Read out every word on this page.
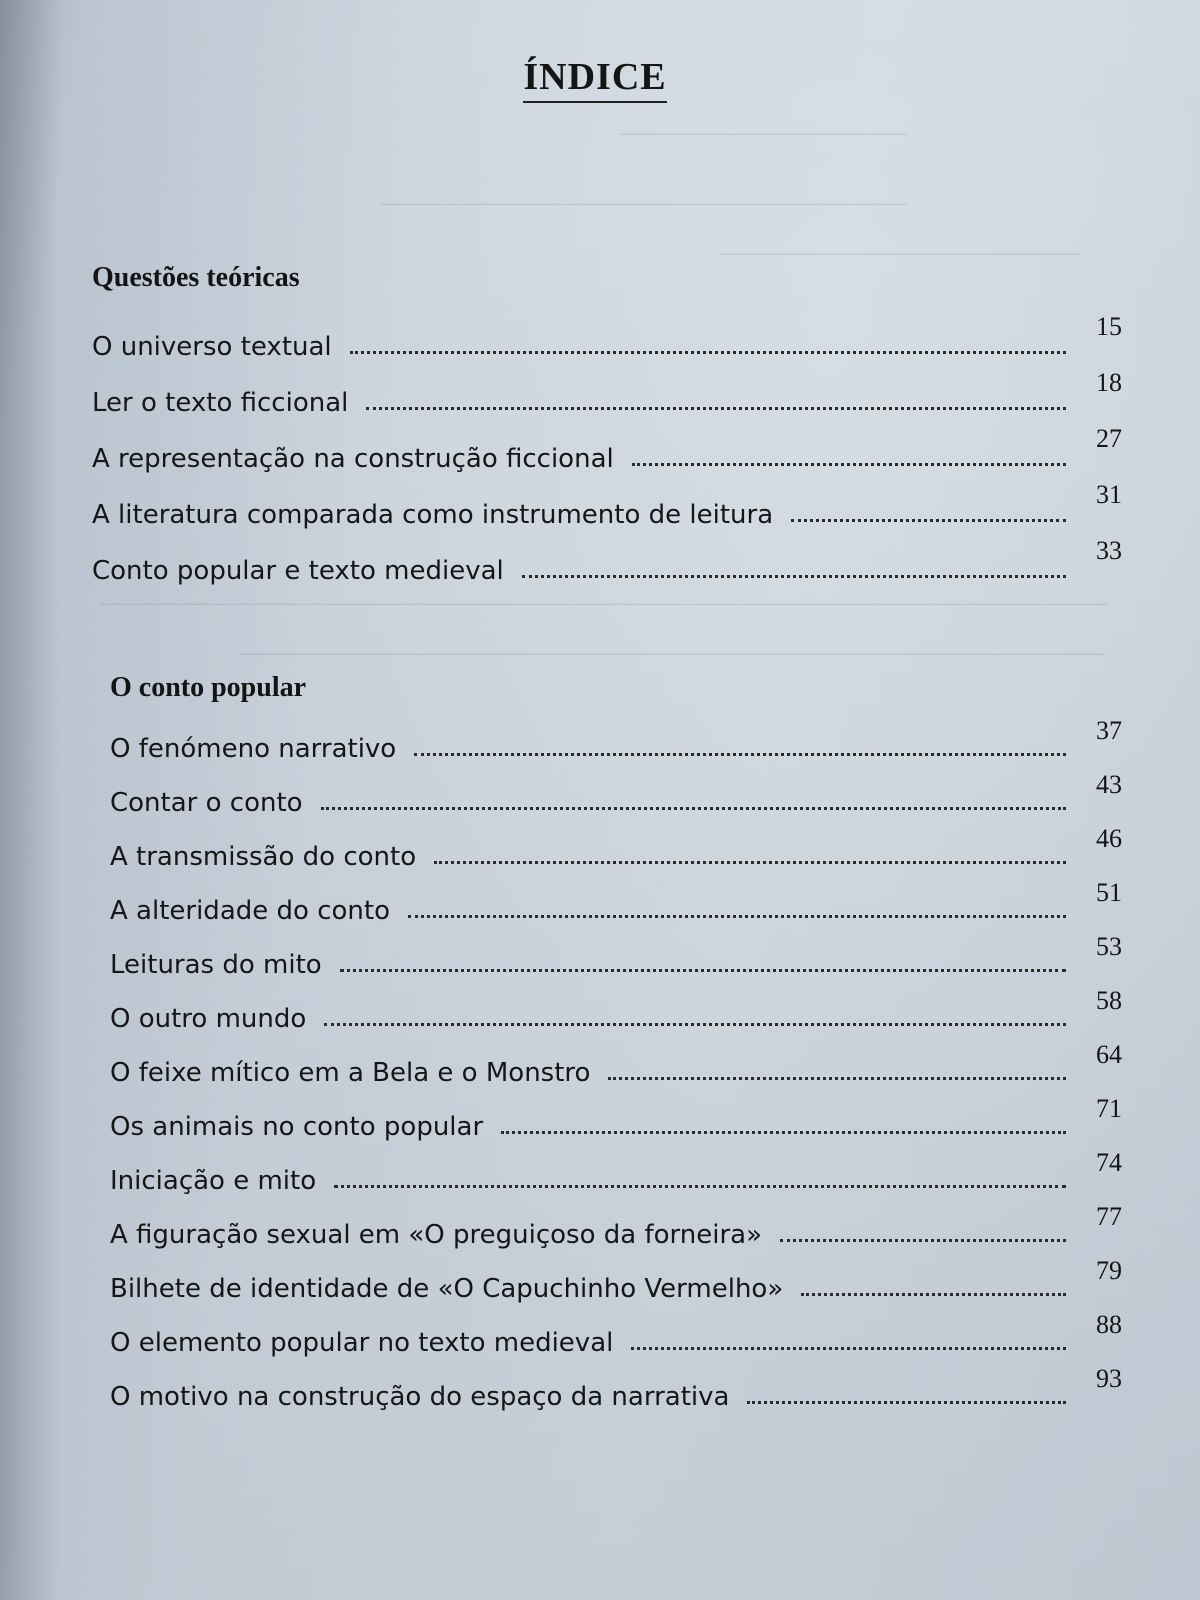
————————————
——————————————————————
———————————————
——————————————————————————————————————————
————————————————————————————————————
ÍNDICE
Questões teóricas
O universo textual
15
Ler o texto ficcional
18
A representação na construção ficcional
27
A literatura comparada como instrumento de leitura
31
Conto popular e texto medieval
33
O conto popular
O fenómeno narrativo
37
Contar o conto
43
A transmissão do conto
46
A alteridade do conto
51
Leituras do mito
53
O outro mundo
58
O feixe mítico em a Bela e o Monstro
64
Os animais no conto popular
71
Iniciação e mito
74
A figuração sexual em «O preguiçoso da forneira»
77
Bilhete de identidade de «O Capuchinho Vermelho»
79
O elemento popular no texto medieval
88
O motivo na construção do espaço da narrativa
93
